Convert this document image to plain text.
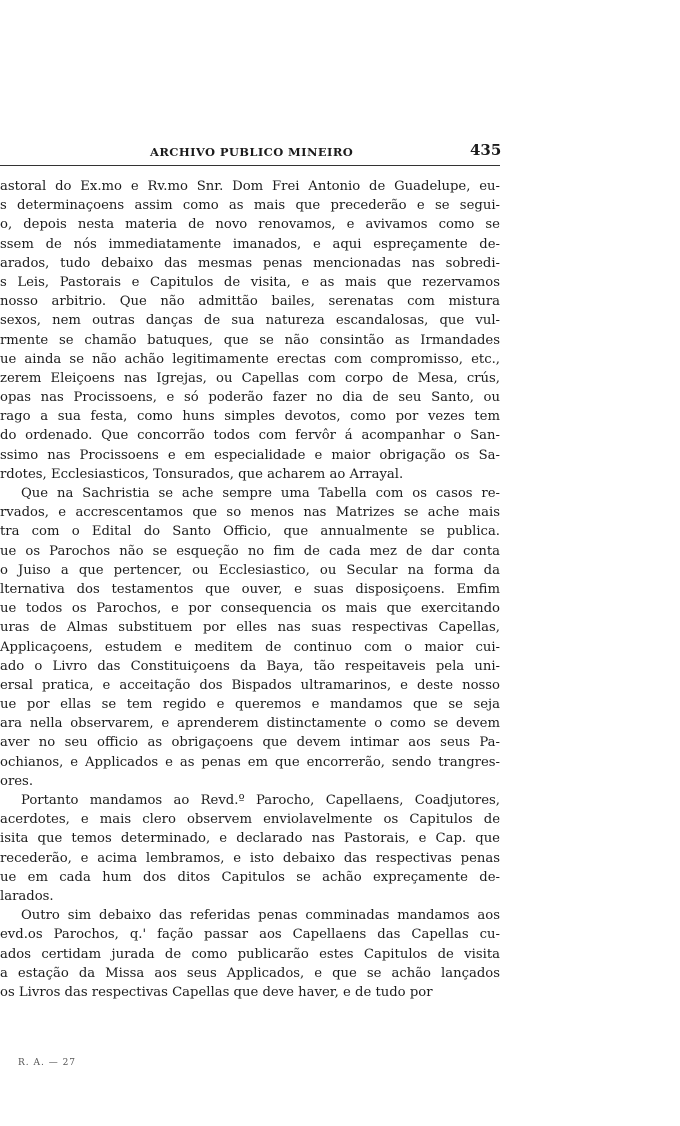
ARCHIVO PUBLICO MINEIRO	435
astoral do Ex.mo e Rv.mo Snr. Dom Frei Antonio de Guadelupe, eu-
s determinaçoens assim como as mais que precederão e se segui-
o, depois nesta materia de novo renovamos, e avivamos como se
ssem de nós immediatamente imanados, e aqui espreçamente de-
arados, tudo debaixo das mesmas penas mencionadas nas sobredi-
s Leis, Pastorais e Capitulos de visita, e as mais que rezervamos
nosso arbitrio. Que não admittão bailes, serenatas com mistura
sexos, nem outras danças de sua natureza escandalosas, que vul-
rmente se chamão batuques, que se não consintão as Irmandades
ue ainda se não achão legitimamente erectas com compromisso, etc.,
zerem Eleiçoens nas Igrejas, ou Capellas com corpo de Mesa, crús,
opas nas Procissoens, e só poderão fazer no dia de seu Santo, ou
rago a sua festa, como huns simples devotos, como por vezes tem
do ordenado. Que concorrão todos com fervôr á acompanhar o San-
ssimo nas Procissoens e em especialidade e maior obrigação os Sa-
rdotes, Ecclesiasticos, Tonsurados, que acharem ao Arrayal.
Que na Sachristia se ache sempre uma Tabella com os casos re-
rvados, e accrescentamos que so menos nas Matrizes se ache mais
tra com o Edital do Santo Officio, que annualmente se publica.
ue os Parochos não se esqueção no fim de cada mez de dar conta
o Juiso a que pertencer, ou Ecclesiastico, ou Secular na forma da
lternativa dos testamentos que ouver, e suas disposiçoens. Emfim
ue todos os Parochos, e por consequencia os mais que exercitando
uras de Almas substituem por elles nas suas respectivas Capellas,
Applicaçoens, estudem e meditem de continuo com o maior cui-
ado o Livro das Constituiçoens da Baya, tão respeitaveis pela uni-
ersal pratica, e acceitação dos Bispados ultramarinos, e deste nosso
ue por ellas se tem regido e queremos e mandamos que se seja
ara nella observarem, e aprenderem distinctamente o como se devem
aver no seu officio as obrigaçoens que devem intimar aos seus Pa-
ochianos, e Applicados e as penas em que encorrerão, sendo trangres-
ores.
Portanto mandamos ao Revd.º Parocho, Capellaens, Coadjutores,
acerdotes, e mais clero observem enviolavelmente os Capitulos de
isita que temos determinado, e declarado nas Pastorais, e Cap. que
recederão, e acima lembramos, e isto debaixo das respectivas penas
ue em cada hum dos ditos Capitulos se achão expreçamente de-
larados.
Outro sim debaixo das referidas penas comminadas mandamos aos
evd.os Parochos, q.' fação passar aos Capellaens das Capellas cu-
ados certidam jurada de como publicarão estes Capitulos de visita
a estação da Missa aos seus Applicados, e que se achão lançados
os Livros das respectivas Capellas que deve haver, e de tudo por
R. A. — 27
